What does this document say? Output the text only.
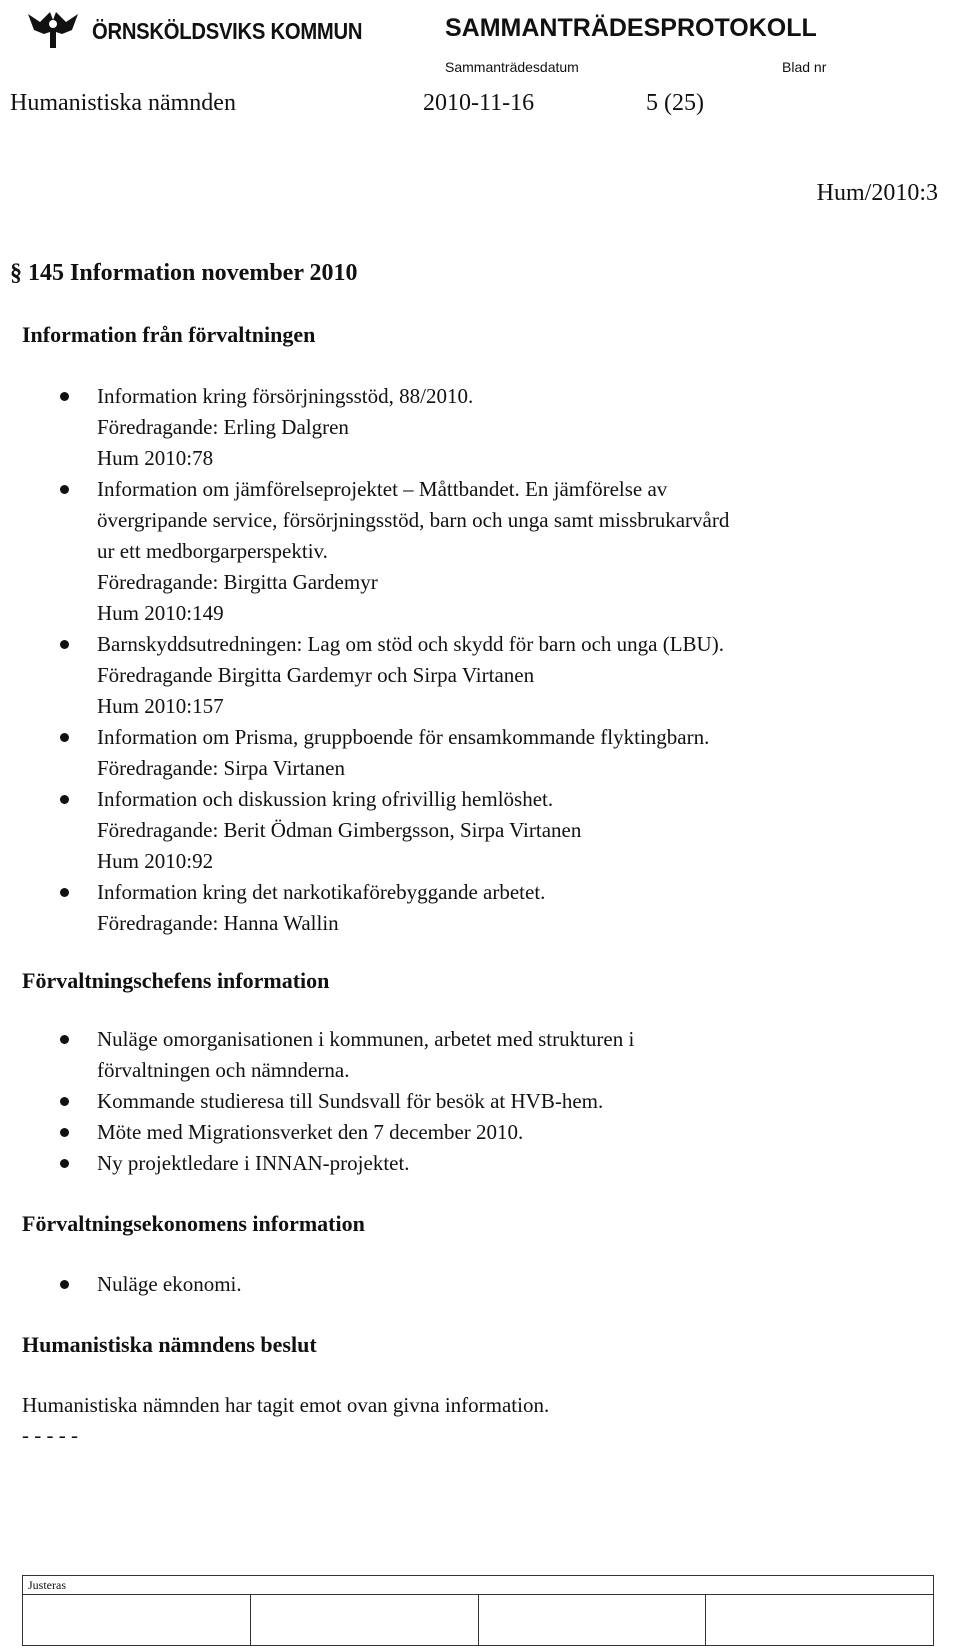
ÖRNSKÖLDSVIKS KOMMUN	SAMMANTRÄDESPROTOKOLL
Sammanträdesdatum	Blad nr
Humanistiska nämnden	2010-11-16	5 (25)
Hum/2010:3
§ 145 Information november 2010
Information från förvaltningen
Information kring försörjningsstöd, 88/2010.
Föredragande: Erling Dalgren
Hum 2010:78
Information om jämförelseprojektet – Måttbandet. En jämförelse av
övergripande service, försörjningsstöd, barn och unga samt missbrukarvård
ur ett medborgarperspektiv.
Föredragande: Birgitta Gardemyr
Hum 2010:149
Barnskyddsutredningen: Lag om stöd och skydd för barn och unga (LBU).
Föredragande Birgitta Gardemyr och Sirpa Virtanen
Hum 2010:157
Information om Prisma, gruppboende för ensamkommande flyktingbarn.
Föredragande: Sirpa Virtanen
Information och diskussion kring ofrivillig hemlöshet.
Föredragande: Berit Ödman Gimbergsson, Sirpa Virtanen
Hum 2010:92
Information kring det narkotikaförebyggande arbetet.
Föredragande: Hanna Wallin
Förvaltningschefens information
Nuläge omorganisationen i kommunen, arbetet med strukturen i
förvaltningen och nämnderna.
Kommande studieresa till Sundsvall för besök at HVB-hem.
Möte med Migrationsverket den 7 december 2010.
Ny projektledare i INNAN-projektet.
Förvaltningsekonomens information
Nuläge ekonomi.
Humanistiska nämndens beslut

Humanistiska nämnden har tagit emot ovan givna information.

- - - - -

Justeras
